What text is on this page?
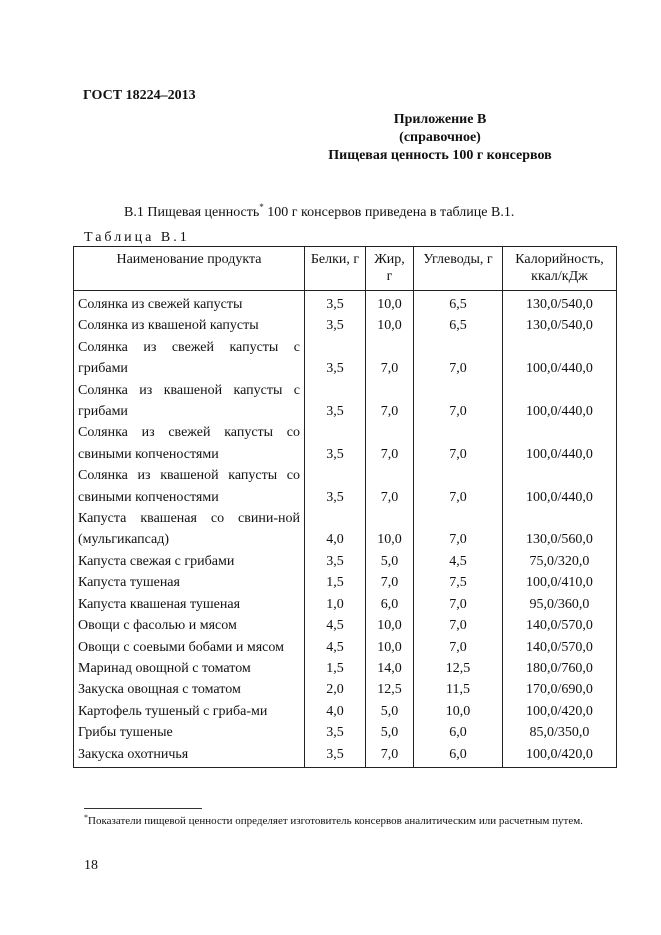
ГОСТ 18224–2013
Приложение В
(справочное)
Пищевая ценность 100 г консервов
В.1 Пищевая ценность* 100 г консервов приведена в таблице В.1.
Таблица В.1
Наименование продукта	Белки, г	Жир, г	Углеводы, г	Калорийность, ккал/кДж
Солянка из свежей капусты	3,5	10,0	6,5	130,0/540,0
Солянка из квашеной капусты	3,5	10,0	6,5	130,0/540,0
Солянка из свежей капусты с грибами	3,5	7,0	7,0	100,0/440,0
Солянка из квашеной капусты с грибами	3,5	7,0	7,0	100,0/440,0
Солянка из свежей капусты со свиными копченостями	3,5	7,0	7,0	100,0/440,0
Солянка из квашеной капусты со свиными копченостями	3,5	7,0	7,0	100,0/440,0
Капуста квашеная со свини-ной (мульгикапсад)	4,0	10,0	7,0	130,0/560,0
Капуста свежая с грибами	3,5	5,0	4,5	75,0/320,0
Капуста тушеная	1,5	7,0	7,5	100,0/410,0
Капуста квашеная тушеная	1,0	6,0	7,0	95,0/360,0
Овощи с фасолью и мясом	4,5	10,0	7,0	140,0/570,0
Овощи с соевыми бобами и мясом	4,5	10,0	7,0	140,0/570,0
Маринад овощной с томатом	1,5	14,0	12,5	180,0/760,0
Закуска овощная с томатом	2,0	12,5	11,5	170,0/690,0
Картофель тушеный с гриба-ми	4,0	5,0	10,0	100,0/420,0
Грибы тушеные	3,5	5,0	6,0	85,0/350,0
Закуска охотничья	3,5	7,0	6,0	100,0/420,0
*Показатели пищевой ценности определяет изготовитель консервов аналитическим или расчетным путем.
18
